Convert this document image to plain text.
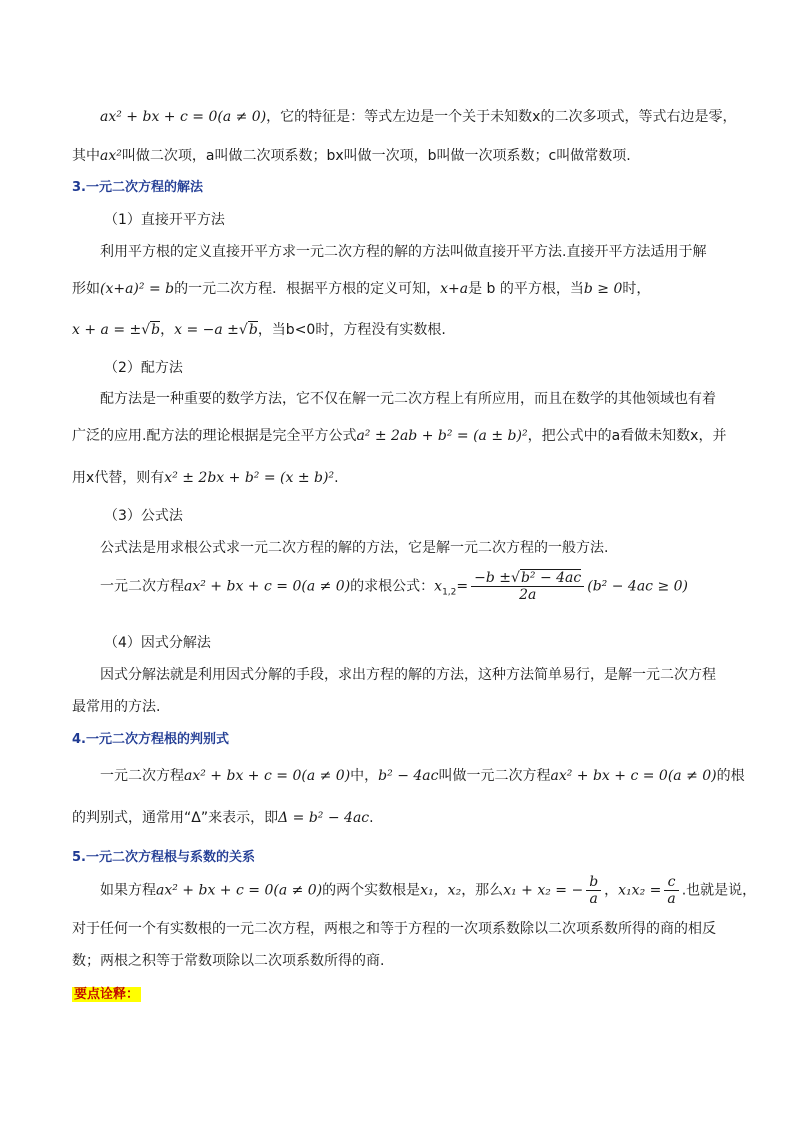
ax² + bx + c = 0(a ≠ 0)，它的特征是：等式左边是一个关于未知数x的二次多项式，等式右边是零，
其中ax²叫做二次项，a叫做二次项系数；bx叫做一次项，b叫做一次项系数；c叫做常数项.
3.一元二次方程的解法
（1）直接开平方法
利用平方根的定义直接开平方求一元二次方程的解的方法叫做直接开平方法.直接开平方法适用于解
形如(x+a)² = b的一元二次方程．根据平方根的定义可知，x+a是 b 的平方根，当b ≥ 0时，
x + a = ±√b，x = −a ±√b，当b<0时，方程没有实数根.
（2）配方法
配方法是一种重要的数学方法，它不仅在解一元二次方程上有所应用，而且在数学的其他领域也有着
广泛的应用.配方法的理论根据是完全平方公式a² ± 2ab + b² = (a ± b)²，把公式中的a看做未知数x，并
用x代替，则有x² ± 2bx + b² = (x ± b)².
（3）公式法
公式法是用求根公式求一元二次方程的解的方法，它是解一元二次方程的一般方法.
一元二次方程ax² + bx + c = 0(a ≠ 0)的求根公式：$x_{1,2}= \frac{\text{−b ±√b² − 4ac}}{2a} (b^2 - 4ac \ge 0)$
（4）因式分解法
因式分解法就是利用因式分解的手段，求出方程的解的方法，这种方法简单易行，是解一元二次方程
最常用的方法.
4.一元二次方程根的判别式
一元二次方程ax² + bx + c = 0(a ≠ 0)中，b² − 4ac叫做一元二次方程ax² + bx + c = 0(a ≠ 0)的根
的判别式，通常用“Δ”来表示，即Δ = b² − 4ac.
5.一元二次方程根与系数的关系
如果方程ax² + bx + c = 0(a ≠ 0)的两个实数根是x₁，x₂，那么x₁ + x₂ = − $\frac{b}{a}$ ，$x_1x_2 = \frac{c}{a}$ .也就是说，
对于任何一个有实数根的一元二次方程，两根之和等于方程的一次项系数除以二次项系数所得的商的相反
数；两根之积等于常数项除以二次项系数所得的商.
要点诠释：
